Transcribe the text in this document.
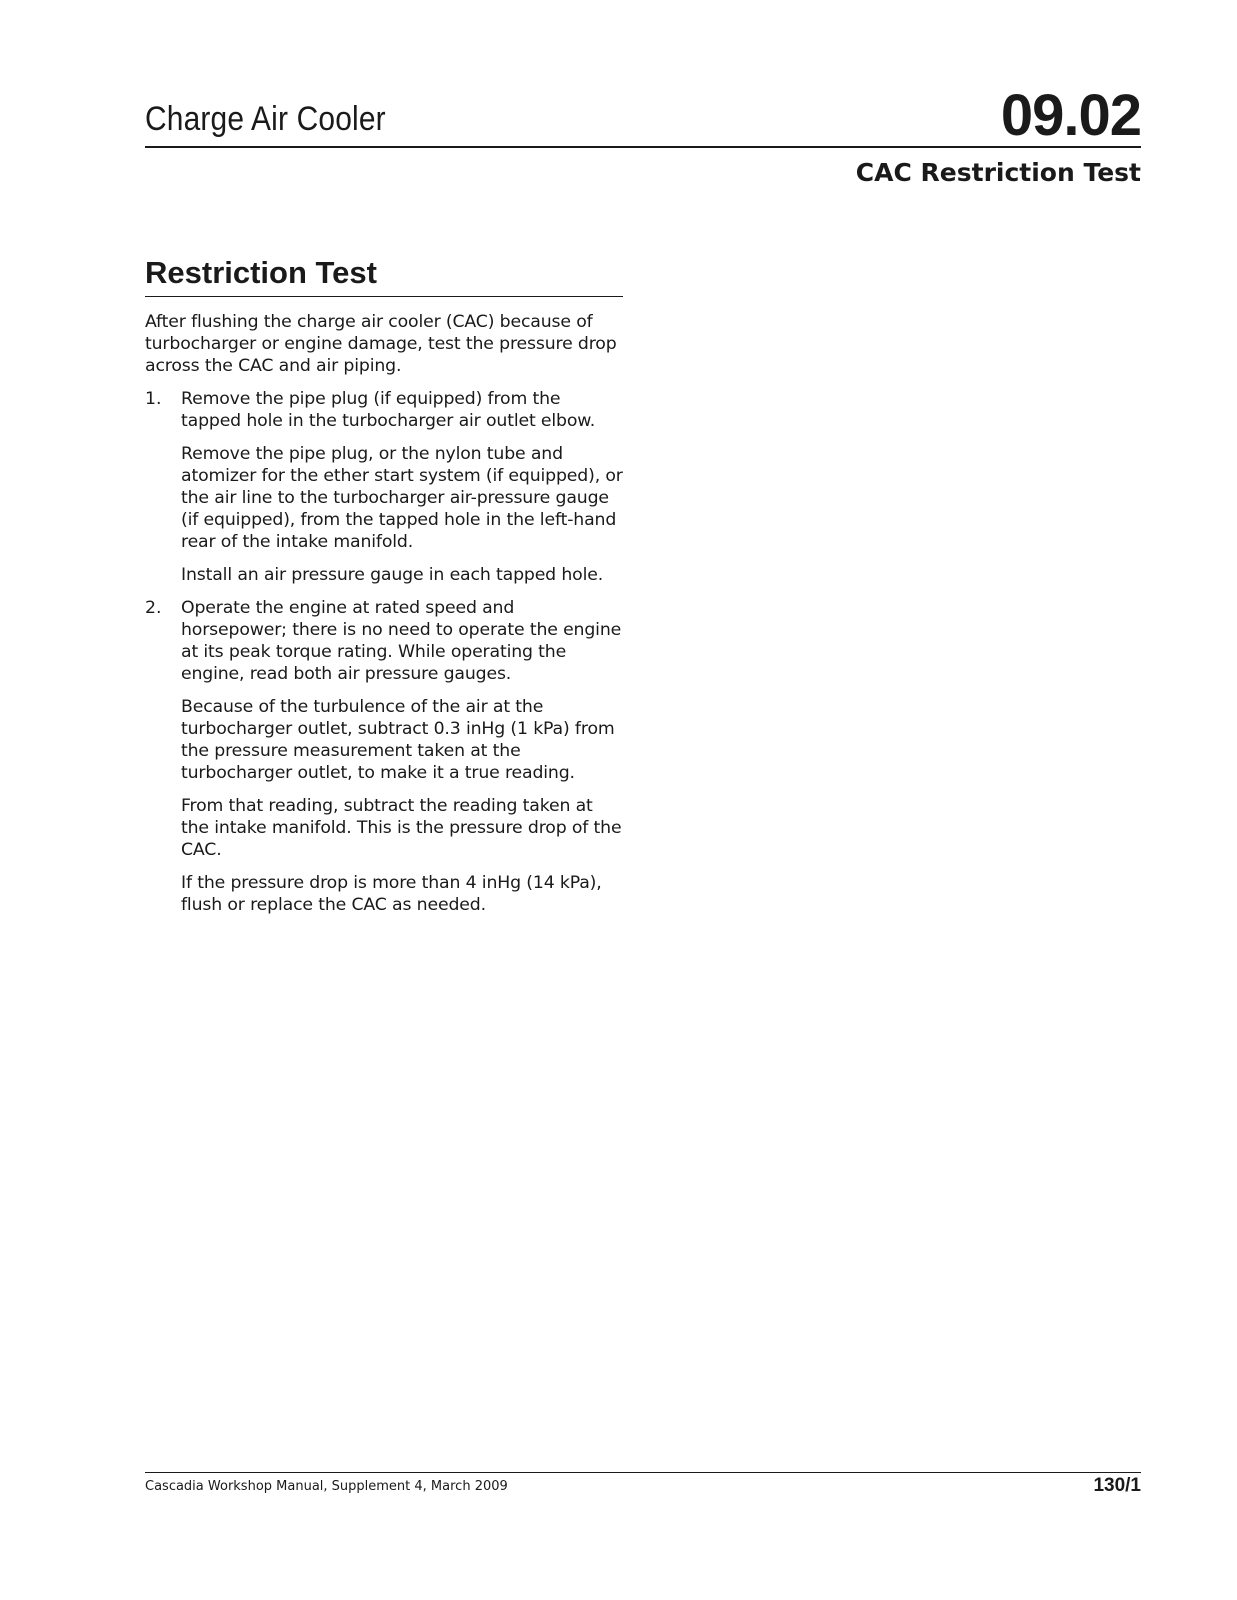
Charge Air Cooler	09.02
CAC Restriction Test
Restriction Test

After flushing the charge air cooler (CAC) because of turbocharger or engine damage, test the pressure drop across the CAC and air piping.

1. Remove the pipe plug (if equipped) from the tapped hole in the turbocharger air outlet elbow.

Remove the pipe plug, or the nylon tube and atomizer for the ether start system (if equipped), or the air line to the turbocharger air-pressure gauge (if equipped), from the tapped hole in the left-hand rear of the intake manifold.

Install an air pressure gauge in each tapped hole.

2. Operate the engine at rated speed and horsepower; there is no need to operate the engine at its peak torque rating. While operating the engine, read both air pressure gauges.

Because of the turbulence of the air at the turbocharger outlet, subtract 0.3 inHg (1 kPa) from the pressure measurement taken at the turbocharger outlet, to make it a true reading.

From that reading, subtract the reading taken at the intake manifold. This is the pressure drop of the CAC.

If the pressure drop is more than 4 inHg (14 kPa), flush or replace the CAC as needed.

Cascadia Workshop Manual, Supplement 4, March 2009	130/1
